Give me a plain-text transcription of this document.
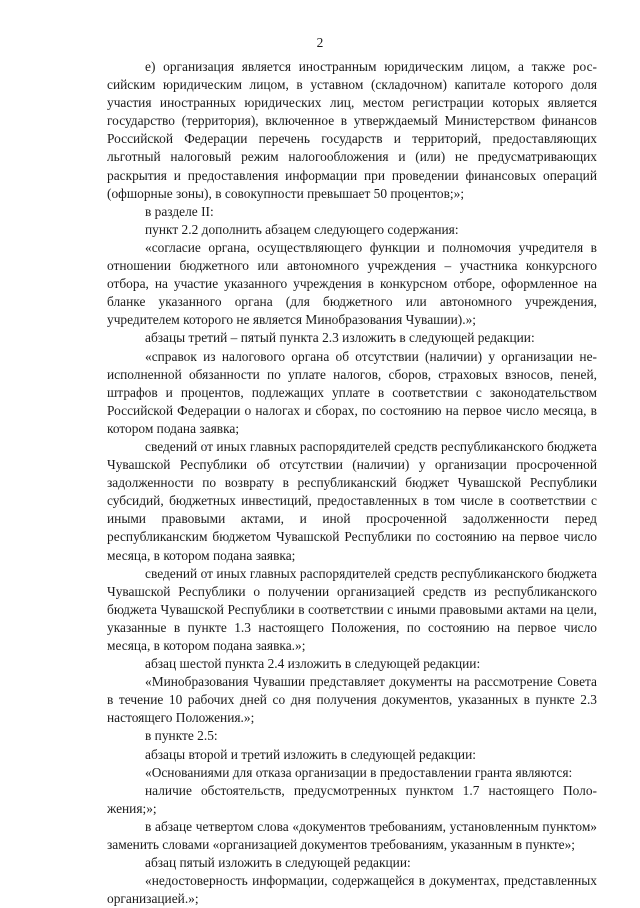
2

е) организация является иностранным юридическим лицом, а также российским юридическим лицом, в уставном (складочном) капитале которого доля участия иностранных юридических лиц, местом регистрации которых является государство (территория), включенное в утверждаемый Министерством финансов Российской Федерации перечень государств и территорий, предоставляющих льготный налоговый режим налогообложения и (или) не предусматривающих раскрытия и предоставления информации при проведении финансовых операций (офшорные зоны), в совокупности превышает 50 процентов;»;

в разделе II:

пункт 2.2 дополнить абзацем следующего содержания:

«согласие органа, осуществляющего функции и полномочия учредителя в отношении бюджетного или автономного учреждения – участника конкурсного отбора, на участие указанного учреждения в конкурсном отборе, оформленное на бланке указанного органа (для бюджетного или автономного учреждения, учредителем которого не является Минобразования Чувашии).»;

абзацы третий – пятый пункта 2.3 изложить в следующей редакции:

«справок из налогового органа об отсутствии (наличии) у организации неисполненной обязанности по уплате налогов, сборов, страховых взносов, пеней, штрафов и процентов, подлежащих уплате в соответствии с законодательством Российской Федерации о налогах и сборах, по состоянию на первое число месяца, в котором подана заявка;

сведений от иных главных распорядителей средств республиканского бюджета Чувашской Республики об отсутствии (наличии) у организации просроченной задолженности по возврату в республиканский бюджет Чувашской Республики субсидий, бюджетных инвестиций, предоставленных в том числе в соответствии с иными правовыми актами, и иной просроченной задолженности перед республиканским бюджетом Чувашской Республики по состоянию на первое число месяца, в котором подана заявка;

сведений от иных главных распорядителей средств республиканского бюджета Чувашской Республики о получении организацией средств из республиканского бюджета Чувашской Республики в соответствии с иными правовыми актами на цели, указанные в пункте 1.3 настоящего Положения, по состоянию на первое число месяца, в котором подана заявка.»;

абзац шестой пункта 2.4 изложить в следующей редакции:

«Минобразования Чувашии представляет документы на рассмотрение Совета в течение 10 рабочих дней со дня получения документов, указанных в пункте 2.3 настоящего Положения.»;

в пункте 2.5:

абзацы второй и третий изложить в следующей редакции:

«Основаниями для отказа организации в предоставлении гранта являются:

наличие обстоятельств, предусмотренных пунктом 1.7 настоящего Положения;»;

в абзаце четвертом слова «документов требованиям, установленным пунктом» заменить словами «организацией документов требованиям, указанным в пункте»;

абзац пятый изложить в следующей редакции:

«недостоверность информации, содержащейся в документах, представленных организацией.»;
